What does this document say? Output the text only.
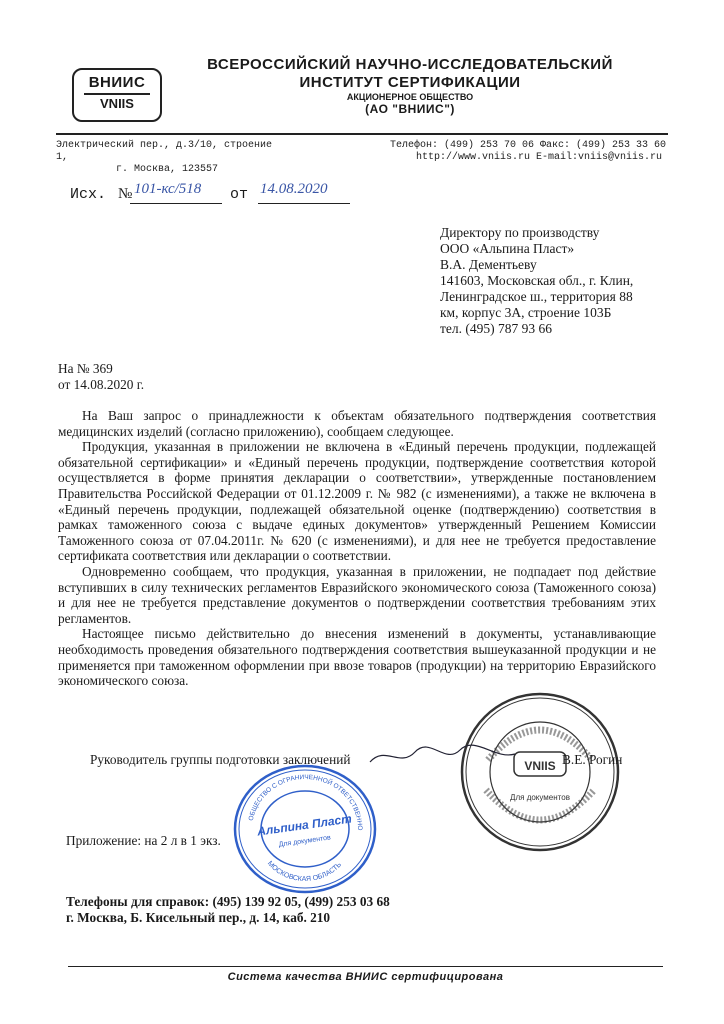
ВНИИС
VNIIS
ВСЕРОССИЙСКИЙ НАУЧНО-ИССЛЕДОВАТЕЛЬСКИЙ
ИНСТИТУТ СЕРТИФИКАЦИИ
АКЦИОНЕРНОЕ ОБЩЕСТВО
(АО "ВНИИС")
Электрический пер., д.3/10, строение 1,
г. Москва, 123557
Телефон: (499) 253 70 06 Факс: (499) 253 33 60
http://www.vniis.ru E-mail:vniis@vniis.ru
Исх. № 101-кс/518 от 14.08.2020
Директору по производству
ООО «Альпина Пласт»
В.А. Дементьеву
141603, Московская обл., г. Клин,
Ленинградское ш., территория 88
км, корпус 3А, строение 103Б
тел. (495) 787 93 66
На № 369
от 14.08.2020 г.
На Ваш запрос о принадлежности к объектам обязательного подтверждения соответствия медицинских изделий (согласно приложению), сообщаем следующее.
Продукция, указанная в приложении не включена в «Единый перечень продукции, подлежащей обязательной сертификации» и «Единый перечень продукции, подтверждение соответствия которой осуществляется в форме принятия декларации о соответствии», утвержденные постановлением Правительства Российской Федерации от 01.12.2009 г. № 982 (с изменениями), а также не включена в «Единый перечень продукции, подлежащей обязательной оценке (подтверждению) соответствия в рамках таможенного союза с выдаче единых документов» утвержденный Решением Комиссии Таможенного союза от 07.04.2011г. № 620 (с изменениями), и для нее не требуется предоставление сертификата соответствия или декларации о соответствии.
Одновременно сообщаем, что продукция, указанная в приложении, не подпадает под действие вступивших в силу технических регламентов Евразийского экономического союза (Таможенного союза) и для нее не требуется представление документов о подтверждении соответствия требованиям этих регламентов.
Настоящее письмо действительно до внесения изменений в документы, устанавливающие необходимость проведения обязательного подтверждения соответствия вышеуказанной продукции и не применяется при таможенном оформлении при ввозе товаров (продукции) на территорию Евразийского экономического союза.
VNIIS
Для документов
Руководитель группы подготовки заключений	В.Е. Рогин
ОБЩЕСТВО С ОГРАНИЧЕННОЙ ОТВЕТСТВЕННО
МОСКОВСКАЯ ОБЛАСТЬ
Альпина Пласт
Для документов
Приложение: на 2 л в 1 экз.
Телефоны для справок: (495) 139 92 05, (499) 253 03 68
г. Москва, Б. Кисельный пер., д. 14, каб. 210
Система качества ВНИИС сертифицирована
